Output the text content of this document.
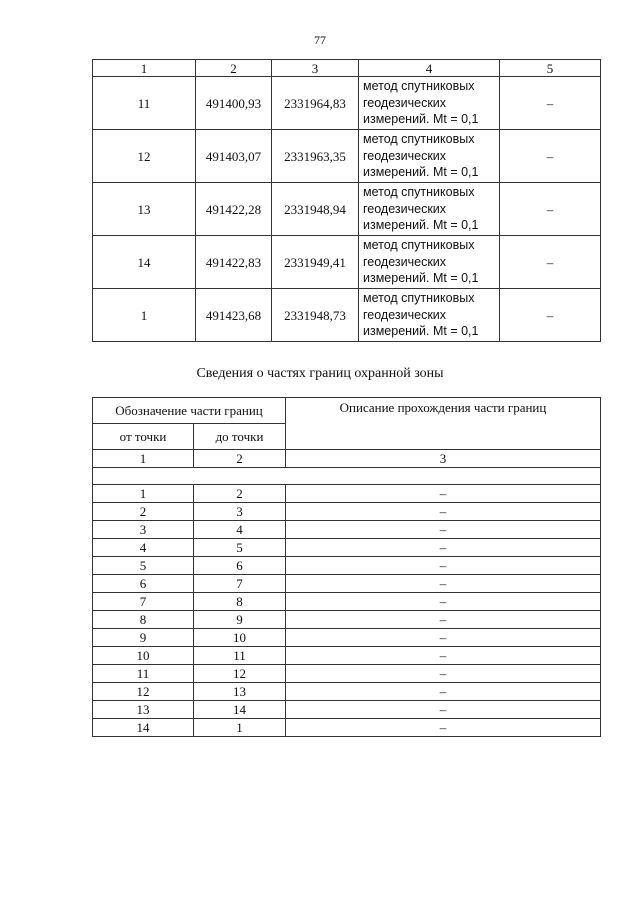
77
1	2	3	4	5
11	491400,93	2331964,83	метод спутниковых
геодезических
измерений. Mt = 0,1	–
12	491403,07	2331963,35	метод спутниковых
геодезических
измерений. Mt = 0,1	–
13	491422,28	2331948,94	метод спутниковых
геодезических
измерений. Mt = 0,1	–
14	491422,83	2331949,41	метод спутниковых
геодезических
измерений. Mt = 0,1	–
1	491423,68	2331948,73	метод спутниковых
геодезических
измерений. Mt = 0,1	–
Сведения о частях границ охранной зоны
Обозначение части границ		Описание прохождения части границ
от точки	до точки	
1	2	3

1	2	–
2	3	–
3	4	–
4	5	–
5	6	–
6	7	–
7	8	–
8	9	–
9	10	–
10	11	–
11	12	–
12	13	–
13	14	–
14	1	–
